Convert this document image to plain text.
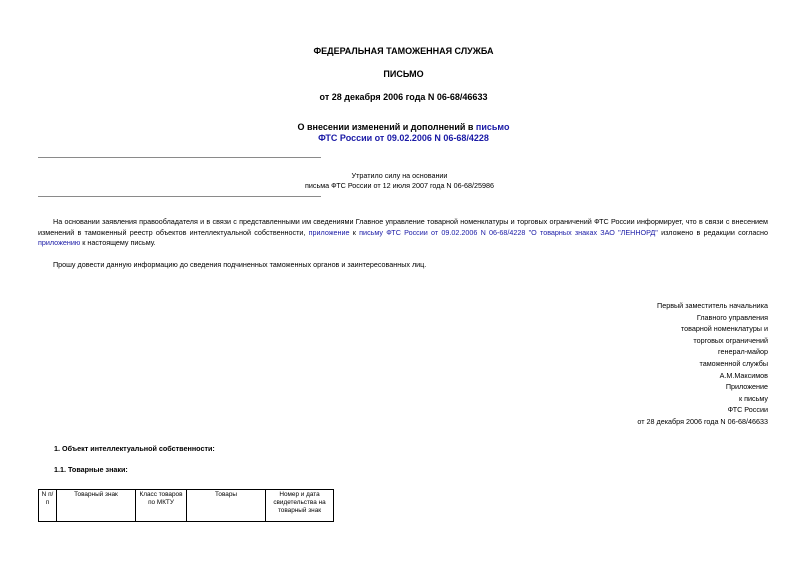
ФЕДЕРАЛЬНАЯ ТАМОЖЕННАЯ СЛУЖБА
ПИСЬМО
от 28 декабря 2006 года N 06-68/46633
О внесении изменений и дополнений в письмо
ФТС России от 09.02.2006 N 06-68/4228
Утратило силу на основании
письма ФТС России от 12 июля 2007 года N 06-68/25986
На основании заявления правообладателя и в связи с представленными им сведениями Главное управление товарной номенклатуры и торговых ограничений ФТС России информирует, что в связи с внесением изменений в таможенный реестр объектов интеллектуальной собственности, приложение к письму ФТС России от 09.02.2006 N 06-68/4228 "О товарных знаках ЗАО "ЛЕННОРД" изложено в редакции согласно приложению к настоящему письму.
Прошу довести данную информацию до сведения подчиненных таможенных органов и заинтересованных лиц.
Первый заместитель начальника
Главного управления
товарной номенклатуры и
торговых ограничений
генерал-майор
таможенной службы
А.М.Максимов
Приложение
к письму
ФТС России
от 28 декабря 2006 года N 06-68/46633
1. Объект интеллектуальной собственности:
1.1. Товарные знаки:
N п/п	Товарный знак	Класс товаров по МКТУ	Товары	Номер и дата свидетельства на товарный знак
